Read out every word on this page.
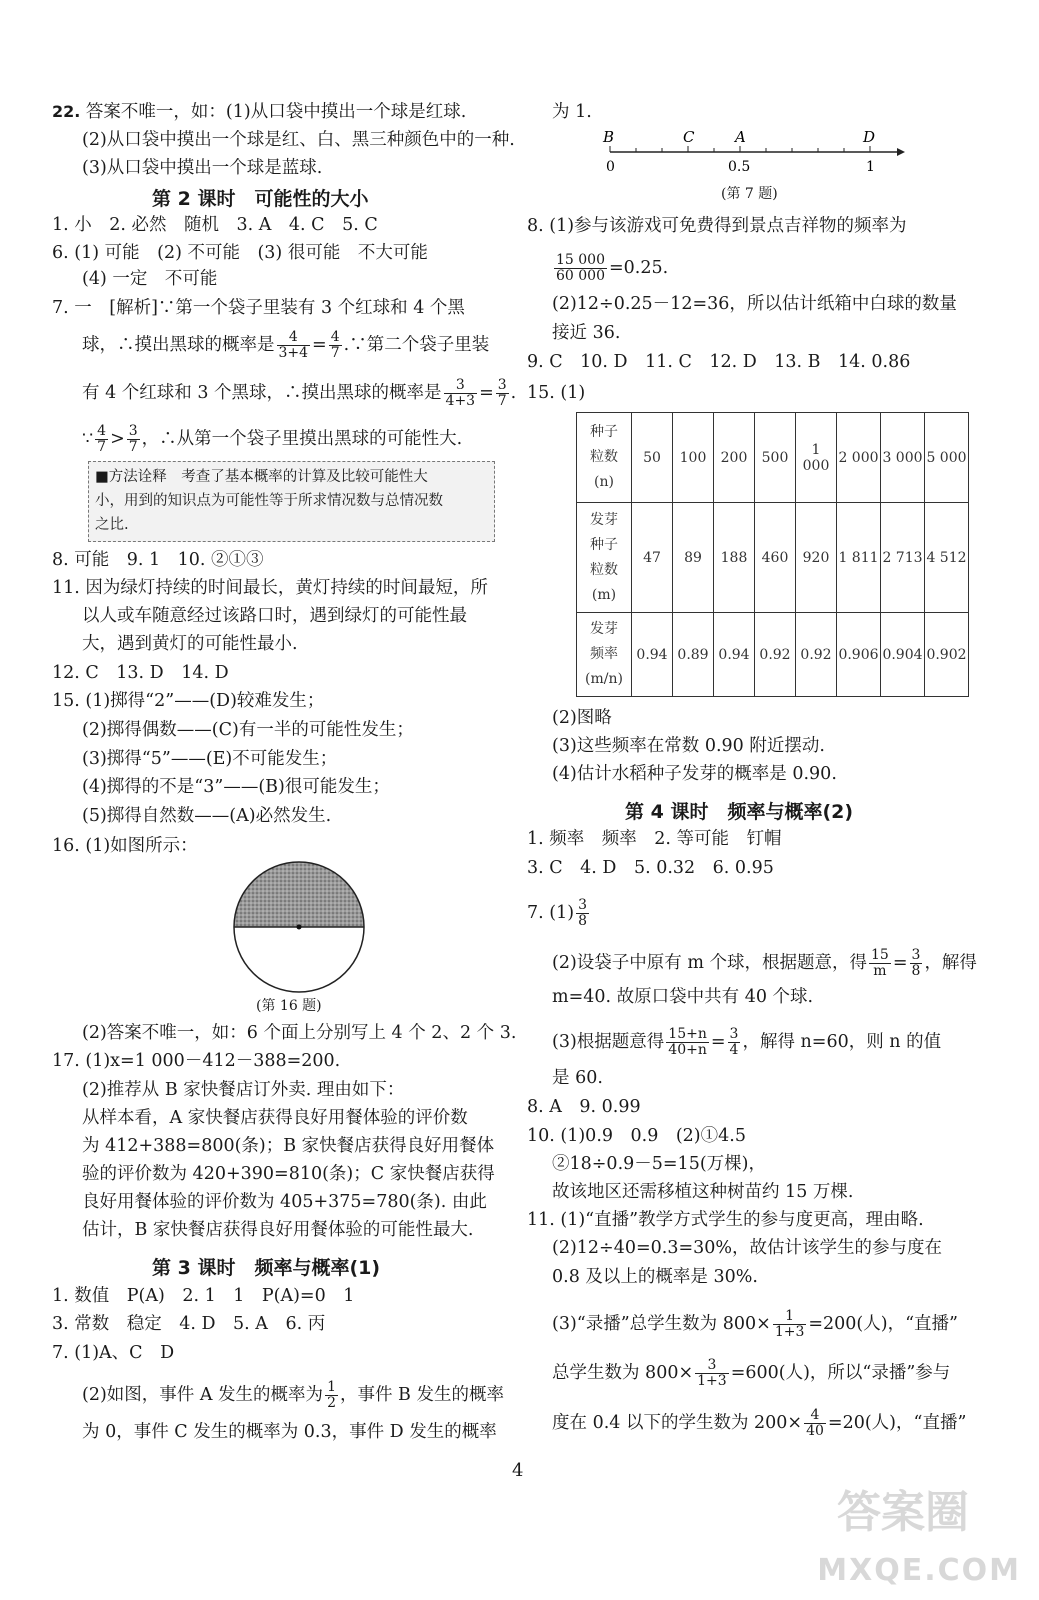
22. 答案不唯一，如：(1)从口袋中摸出一个球是红球.
(2)从口袋中摸出一个球是红、白、黑三种颜色中的一种.
(3)从口袋中摸出一个球是蓝球.
第 2 课时　可能性的大小
1. 小　2. 必然　随机　3. A　4. C　5. C
6. (1) 可能　(2) 不可能　(3) 很可能　不大可能
(4) 一定　不可能
7. 一　[解析]∵第一个袋子里装有 3 个红球和 4 个黑
球，∴摸出黑球的概率是 $\frac{4}{3+4} = \frac{4}{7}$ .∵第二个袋子里装
有 4 个红球和 3 个黑球，∴摸出黑球的概率是 $\frac{3}{4+3} = \frac{3}{7}$ .
∵ $\frac{4}{7} > \frac{3}{7}$ ，∴从第一个袋子里摸出黑球的可能性大.
■方法诠释　考查了基本概率的计算及比较可能性大
小，用到的知识点为可能性等于所求情况数与总情况数
之比.
8. 可能　9. 1　10. ②①③
11. 因为绿灯持续的时间最长，黄灯持续的时间最短，所
以人或车随意经过该路口时，遇到绿灯的可能性最
大，遇到黄灯的可能性最小.
12. C　13. D　14. D
15. (1)掷得“2”——(D)较难发生；
(2)掷得偶数——(C)有一半的可能性发生；
(3)掷得“5”——(E)不可能发生；
(4)掷得的不是“3”——(B)很可能发生；
(5)掷得自然数——(A)必然发生.
16. (1)如图所示：
(第 16 题)
(2)答案不唯一，如：6 个面上分别写上 4 个 2、2 个 3.
17. (1)x=1 000－412－388=200.
(2)推荐从 B 家快餐店订外卖. 理由如下：
从样本看，A 家快餐店获得良好用餐体验的评价数
为 412+388=800(条)；B 家快餐店获得良好用餐体
验的评价数为 420+390=810(条)；C 家快餐店获得
良好用餐体验的评价数为 405+375=780(条). 由此
估计，B 家快餐店获得良好用餐体验的可能性最大.
第 3 课时　频率与概率(1)
1. 数值　P(A)　2. 1　1　P(A)=0　1
3. 常数　稳定　4. D　5. A　6. 丙
7. (1)A、C　D
(2)如图，事件 A 发生的概率为 $\frac{1}{2}$ ，事件 B 发生的概率
为 0，事件 C 发生的概率为 0.3，事件 D 发生的概率
为 1.
B	C	A	D
0	0.5	1
(第 7 题)
8. (1)参与该游戏可免费得到景点吉祥物的频率为
$\frac{15 000}{60 000} =0.25$.
(2)12÷0.25－12=36，所以估计纸箱中白球的数量
接近 36.
9. C　10. D　11. C　12. D　13. B　14. 0.86
15. (1)
(2)图略
(3)这些频率在常数 0.90 附近摆动.
(4)估计水稻种子发芽的概率是 0.90.
第 4 课时　频率与概率(2)
1. 频率　频率　2. 等可能　钉帽
3. C　4. D　5. 0.32　6. 0.95
7. $(1) \frac{3}{8}$
(2)设袋子中原有 m 个球，根据题意，得 $\frac{15}{m} = \frac{3}{8}$ ，解得
m=40. 故原口袋中共有 40 个球.
(3)根据题意得 $\frac{15+n}{40+n} = \frac{3}{4}$ ，解得 n=60，则 n 的值
是 60.
8. A　9. 0.99
10. (1)0.9　0.9　(2)①4.5
②18÷0.9－5=15(万棵)，
故该地区还需移植这种树苗约 15 万棵.
11. (1)“直播”教学方式学生的参与度更高，理由略.
(2)12÷40=0.3=30%，故估计该学生的参与度在
0.8 及以上的概率是 30%.
(3)“录播”总学生数为 $800\times \frac{1}{1+3} =200$(人)，“直播”
总学生数为 $800\times \frac{3}{1+3} =600$(人)，所以“录播”参与
度在 0.4 以下的学生数为 $200\times \frac{4}{40} =20$(人)，“直播”
种子
粒数
(n)	50	100	200	500	1 000	2 000	3 000	5 000
发芽
种子
粒数
(m)	47	89	188	460	920	1 811	2 713	4 512
发芽
频率
(m/n)	0.94	0.89	0.94	0.92	0.92	0.906	0.904	0.902
4
答案圈
MXQE.COM
